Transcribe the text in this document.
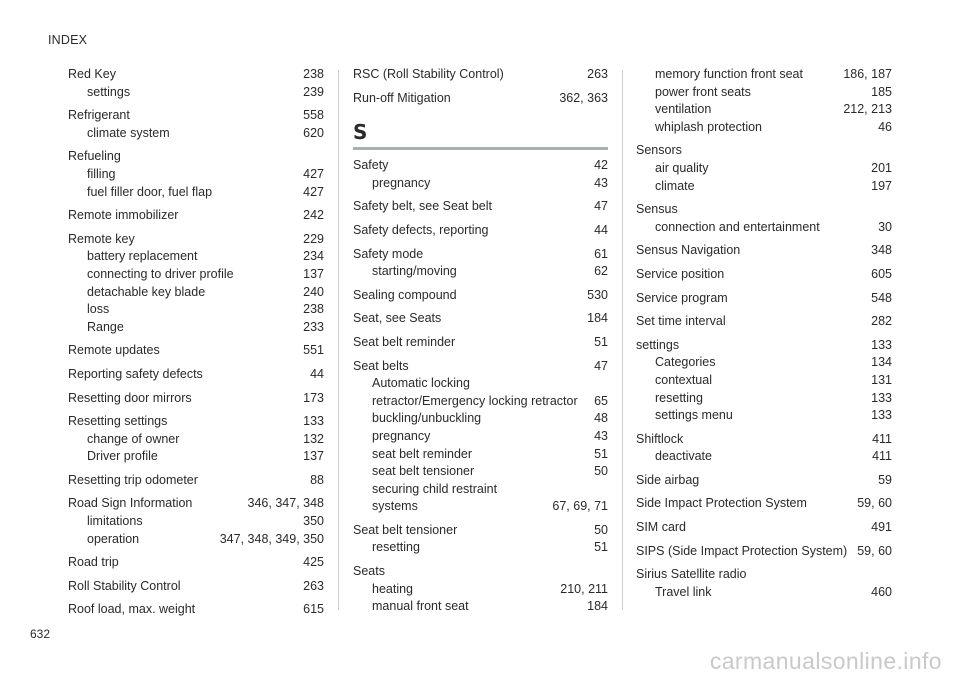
INDEX
Red Key	238
settings	239
Refrigerant	558
climate system	620
Refueling
filling	427
fuel filler door, fuel flap	427
Remote immobilizer	242
Remote key	229
battery replacement	234
connecting to driver profile	137
detachable key blade	240
loss	238
Range	233
Remote updates	551
Reporting safety defects	44
Resetting door mirrors	173
Resetting settings	133
change of owner	132
Driver profile	137
Resetting trip odometer	88
Road Sign Information	346, 347, 348
limitations	350
operation	347, 348, 349, 350
Road trip	425
Roll Stability Control	263
Roof load, max. weight	615
RSC (Roll Stability Control)	263
Run-off Mitigation	362, 363
S
Safety	42
pregnancy	43
Safety belt, see Seat belt	47
Safety defects, reporting	44
Safety mode	61
starting/moving	62
Sealing compound	530
Seat, see Seats	184
Seat belt reminder	51
Seat belts	47
Automatic locking retractor/Emergency locking retractor	65
buckling/unbuckling	48
pregnancy	43
seat belt reminder	51
seat belt tensioner	50
securing child restraint systems	67, 69, 71
Seat belt tensioner	50
resetting	51
Seats
heating	210, 211
manual front seat	184
memory function front seat	186, 187
power front seats	185
ventilation	212, 213
whiplash protection	46
Sensors
air quality	201
climate	197
Sensus
connection and entertainment	30
Sensus Navigation	348
Service position	605
Service program	548
Set time interval	282
settings	133
Categories	134
contextual	131
resetting	133
settings menu	133
Shiftlock	411
deactivate	411
Side airbag	59
Side Impact Protection System	59, 60
SIM card	491
SIPS (Side Impact Protection System) 59, 60
Sirius Satellite radio
Travel link	460
632
carmanualsonline.info
